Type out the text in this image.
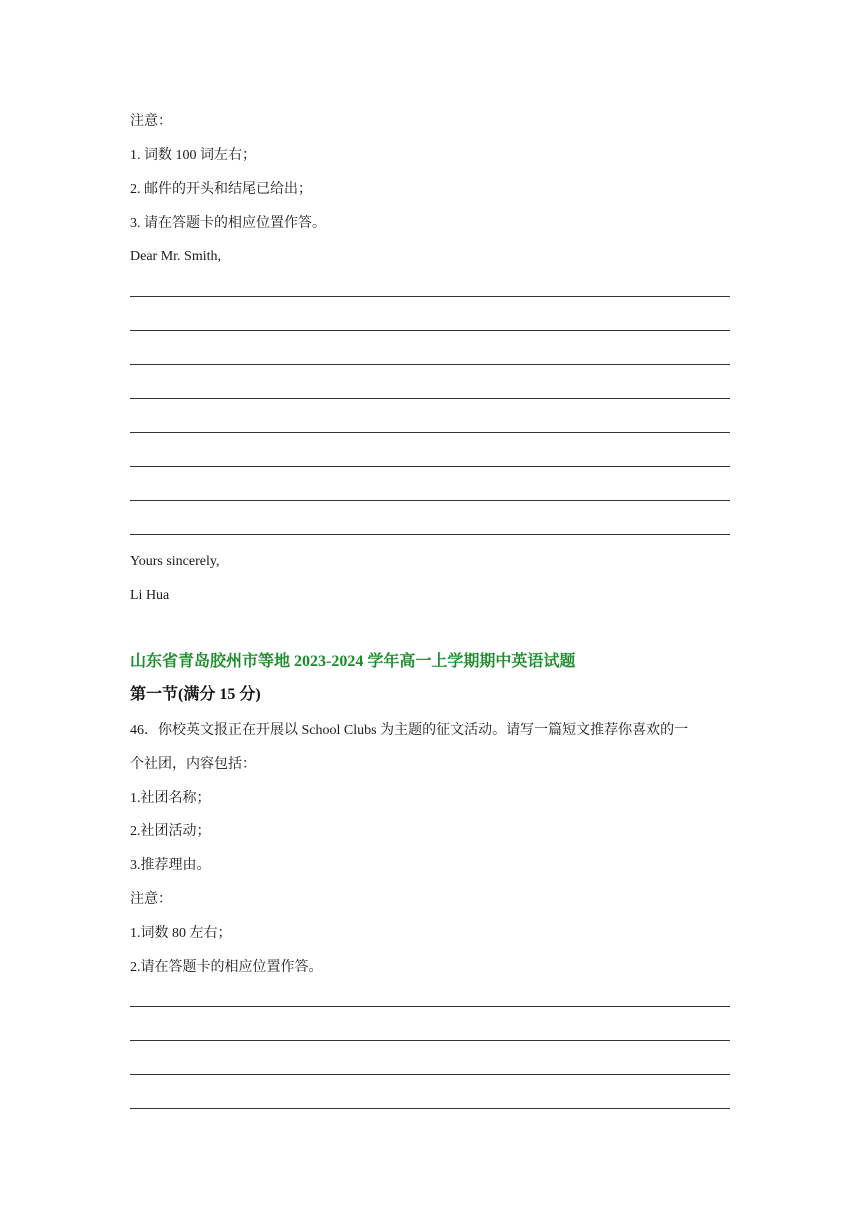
注意：
1. 词数 100 词左右；
2. 邮件的开头和结尾已给出；
3. 请在答题卡的相应位置作答。
Dear Mr. Smith,
Yours sincerely,
Li Hua
山东省青岛胶州市等地 2023-2024 学年高一上学期期中英语试题
第一节(满分 15 分)
46．你校英文报正在开展以 School Clubs 为主题的征文活动。请写一篇短文推荐你喜欢的一
个社团，内容包括：
1.社团名称；
2.社团活动；
3.推荐理由。
注意：
1.词数 80 左右；
2.请在答题卡的相应位置作答。
